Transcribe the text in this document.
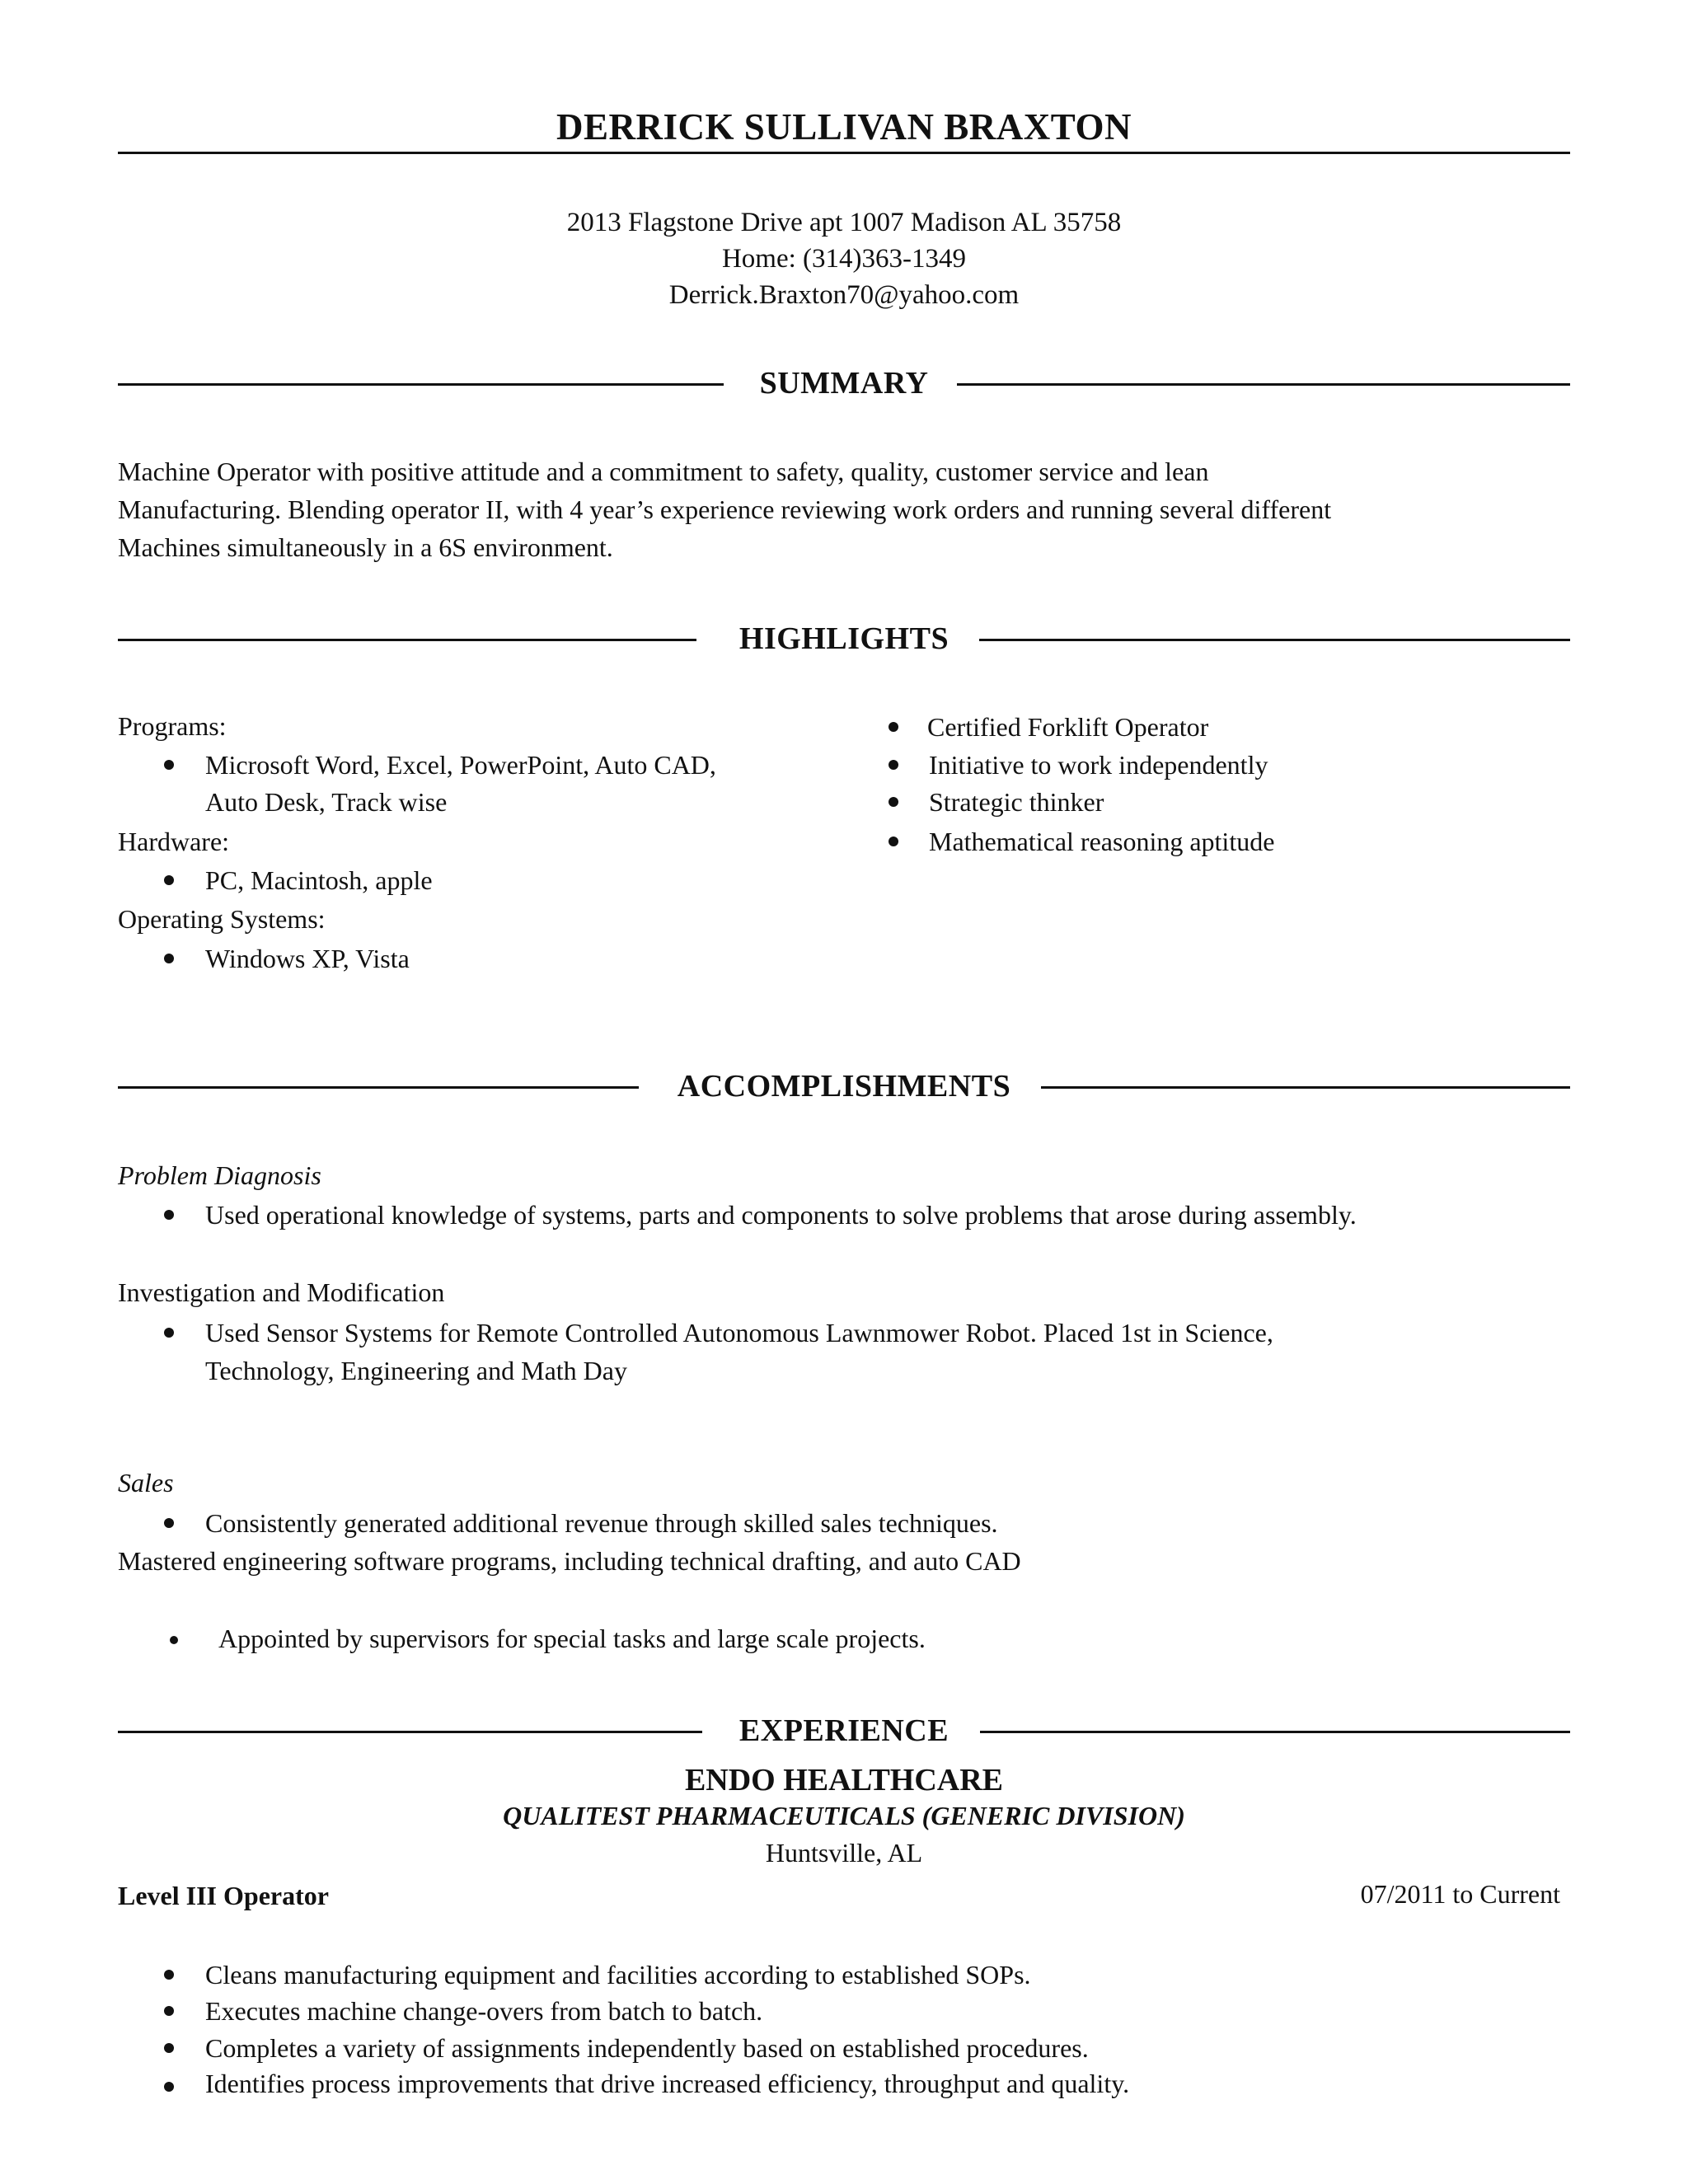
DERRICK SULLIVAN BRAXTON
2013 Flagstone Drive apt 1007 Madison AL 35758
Home: (314)363-1349
Derrick.Braxton70@yahoo.com
SUMMARY
Machine Operator with positive attitude and a commitment to safety, quality, customer service and lean
Manufacturing. Blending operator II, with 4 year’s experience reviewing work orders and running several different
Machines simultaneously in a 6S environment.
HIGHLIGHTS
Programs:
Microsoft Word, Excel, PowerPoint, Auto CAD,
Auto Desk, Track wise
Hardware:
PC, Macintosh, apple
Operating Systems:
Windows XP, Vista
Certified Forklift Operator
Initiative to work independently
Strategic thinker
Mathematical reasoning aptitude
ACCOMPLISHMENTS
Problem Diagnosis
Used operational knowledge of systems, parts and components to solve problems that arose during assembly.
Investigation and Modification
Used Sensor Systems for Remote Controlled Autonomous Lawnmower Robot. Placed 1st in Science,
Technology, Engineering and Math Day
Sales
Consistently generated additional revenue through skilled sales techniques.
Mastered engineering software programs, including technical drafting, and auto CAD
Appointed by supervisors for special tasks and large scale projects.
EXPERIENCE
ENDO HEALTHCARE
QUALITEST PHARMACEUTICALS (GENERIC DIVISION)
Huntsville, AL
Level III Operator	07/2011 to Current
Cleans manufacturing equipment and facilities according to established SOPs.
Executes machine change-overs from batch to batch.
Completes a variety of assignments independently based on established procedures.
Identifies process improvements that drive increased efficiency, throughput and quality.
